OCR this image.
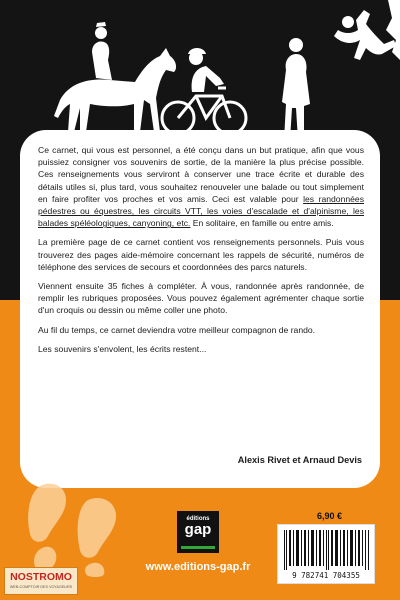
Ce carnet, qui vous est personnel, a été conçu dans un but pratique, afin que vous puissiez consigner vos souvenirs de sortie, de la manière la plus précise possible. Ces renseignements vous serviront à conserver une trace écrite et durable des détails utiles si, plus tard, vous souhaitez renouveler une balade ou tout simplement en faire profiter vos proches et vos amis. Ceci est valable pour les randonnées pédestres ou équestres, les circuits VTT, les voies d'escalade et d'alpinisme, les balades spéléologiques, canyoning, etc. En solitaire, en famille ou entre amis.

La première page de ce carnet contient vos renseignements personnels. Puis vous trouverez des pages aide-mémoire concernant les rappels de sécurité, numéros de téléphone des services de secours et coordonnées des parcs naturels.

Viennent ensuite 35 fiches à compléter. À vous, randonnée après randonnée, de remplir les rubriques proposées. Vous pouvez également agrémenter chaque sortie d'un croquis ou dessin ou même coller une photo.

Au fil du temps, ce carnet deviendra votre meilleur compagnon de rando.

Les souvenirs s'envolent, les écrits restent...

Alexis Rivet et Arnaud Devis
éditions
gap
www.editions-gap.fr
6,90 €
9 782741 704355
NOSTROMO
WEB-COMPTOIR DES VOYAGEURS
